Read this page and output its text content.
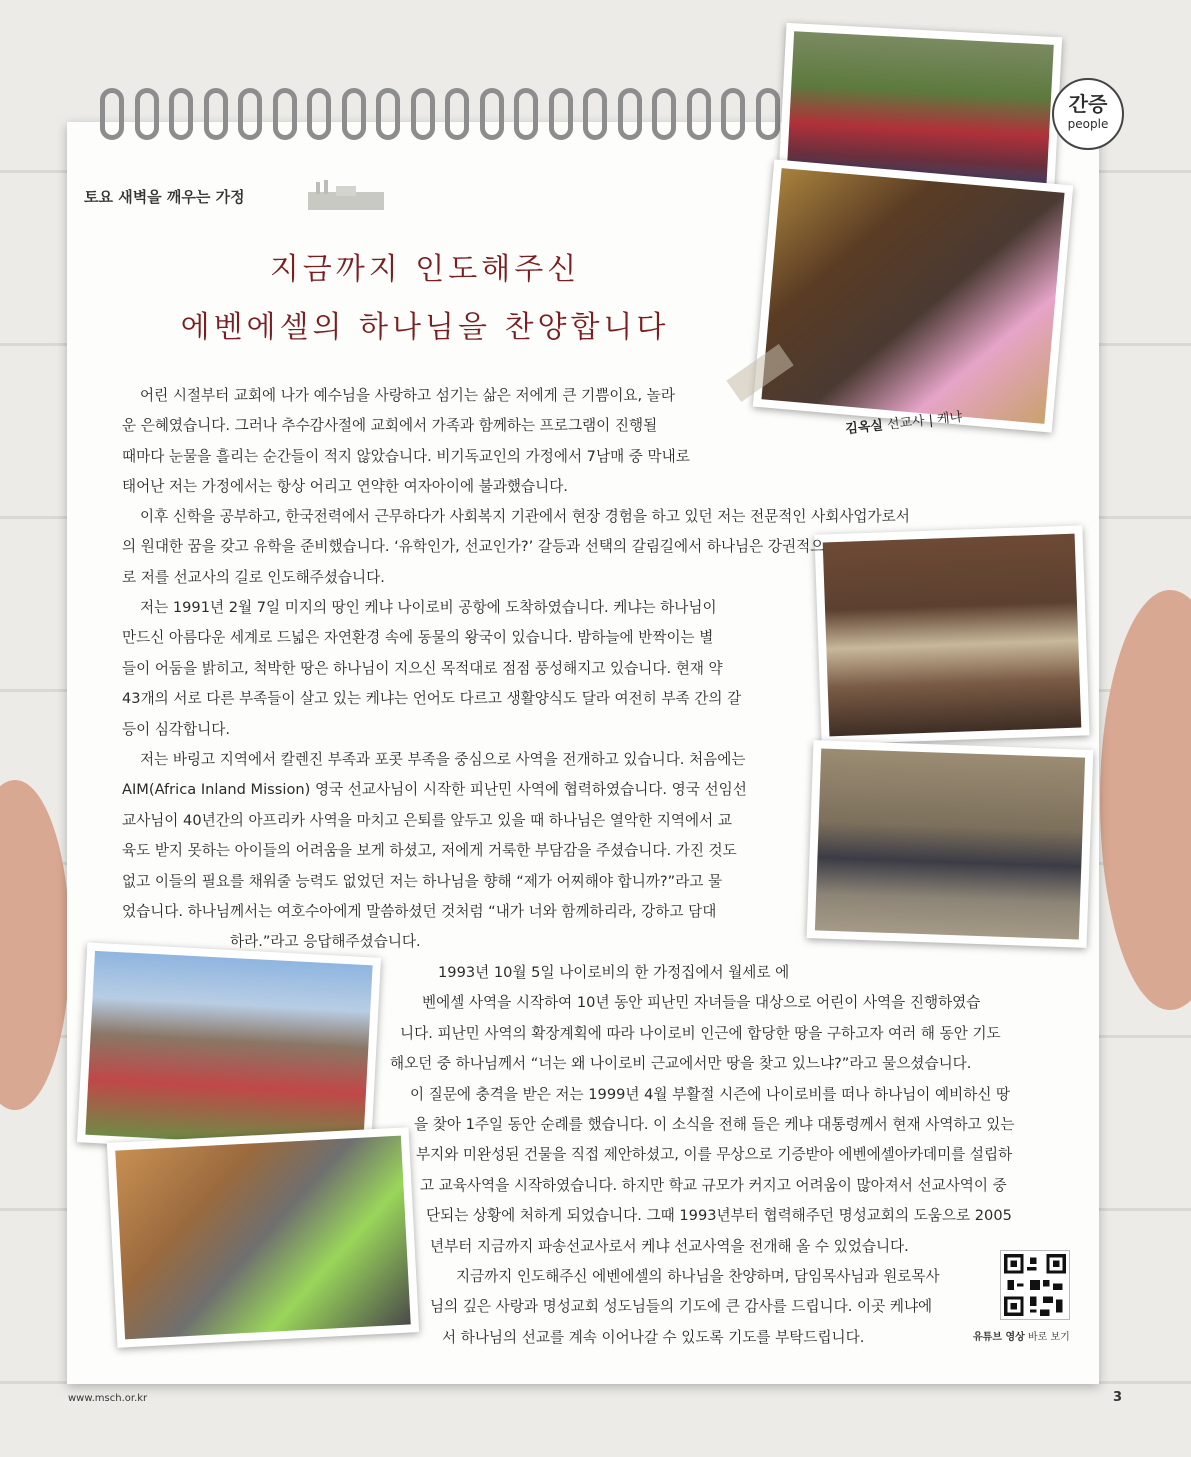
간증
people
토요 새벽을 깨우는 가정
지금까지 인도해주신
에벤에셀의 하나님을 찬양합니다
김옥실 선교사 | 케냐
어린 시절부터 교회에 나가 예수님을 사랑하고 섬기는 삶은 저에게 큰 기쁨이요, 놀라
운 은혜였습니다. 그러나 추수감사절에 교회에서 가족과 함께하는 프로그램이 진행될
때마다 눈물을 흘리는 순간들이 적지 않았습니다. 비기독교인의 가정에서 7남매 중 막내로
태어난 저는 가정에서는 항상 어리고 연약한 여자아이에 불과했습니다.
이후 신학을 공부하고, 한국전력에서 근무하다가 사회복지 기관에서 현장 경험을 하고 있던 저는 전문적인 사회사업가로서
의 원대한 꿈을 갖고 유학을 준비했습니다. ‘유학인가, 선교인가?’ 갈등과 선택의 갈림길에서 하나님은 강권적으
로 저를 선교사의 길로 인도해주셨습니다.
저는 1991년 2월 7일 미지의 땅인 케냐 나이로비 공항에 도착하였습니다. 케냐는 하나님이
만드신 아름다운 세계로 드넓은 자연환경 속에 동물의 왕국이 있습니다. 밤하늘에 반짝이는 별
들이 어둠을 밝히고, 척박한 땅은 하나님이 지으신 목적대로 점점 풍성해지고 있습니다. 현재 약
43개의 서로 다른 부족들이 살고 있는 케냐는 언어도 다르고 생활양식도 달라 여전히 부족 간의 갈
등이 심각합니다.
저는 바링고 지역에서 칼렌진 부족과 포콧 부족을 중심으로 사역을 전개하고 있습니다. 처음에는
AIM(Africa Inland Mission) 영국 선교사님이 시작한 피난민 사역에 협력하였습니다. 영국 선임선
교사님이 40년간의 아프리카 사역을 마치고 은퇴를 앞두고 있을 때 하나님은 열악한 지역에서 교
육도 받지 못하는 아이들의 어려움을 보게 하셨고, 저에게 거룩한 부담감을 주셨습니다. 가진 것도
없고 이들의 필요를 채워줄 능력도 없었던 저는 하나님을 향해 “제가 어찌해야 합니까?”라고 물
었습니다. 하나님께서는 여호수아에게 말씀하셨던 것처럼 “내가 너와 함께하리라, 강하고 담대
하라.”라고 응답해주셨습니다.
1993년 10월 5일 나이로비의 한 가정집에서 월세로 에
벤에셀 사역을 시작하여 10년 동안 피난민 자녀들을 대상으로 어린이 사역을 진행하였습
니다. 피난민 사역의 확장계획에 따라 나이로비 인근에 합당한 땅을 구하고자 여러 해 동안 기도
해오던 중 하나님께서 “너는 왜 나이로비 근교에서만 땅을 찾고 있느냐?”라고 물으셨습니다.
이 질문에 충격을 받은 저는 1999년 4월 부활절 시즌에 나이로비를 떠나 하나님이 예비하신 땅
을 찾아 1주일 동안 순례를 했습니다. 이 소식을 전해 들은 케냐 대통령께서 현재 사역하고 있는
부지와 미완성된 건물을 직접 제안하셨고, 이를 무상으로 기증받아 에벤에셀아카데미를 설립하
고 교육사역을 시작하였습니다. 하지만 학교 규모가 커지고 어려움이 많아져서 선교사역이 중
단되는 상황에 처하게 되었습니다. 그때 1993년부터 협력해주던 명성교회의 도움으로 2005
년부터 지금까지 파송선교사로서 케냐 선교사역을 전개해 올 수 있었습니다.
지금까지 인도해주신 에벤에셀의 하나님을 찬양하며, 담임목사님과 원로목사
님의 깊은 사랑과 명성교회 성도님들의 기도에 큰 감사를 드립니다. 이곳 케냐에
서 하나님의 선교를 계속 이어나갈 수 있도록 기도를 부탁드립니다.	유튜브 영상 바로 보기
www.msch.or.kr	3
